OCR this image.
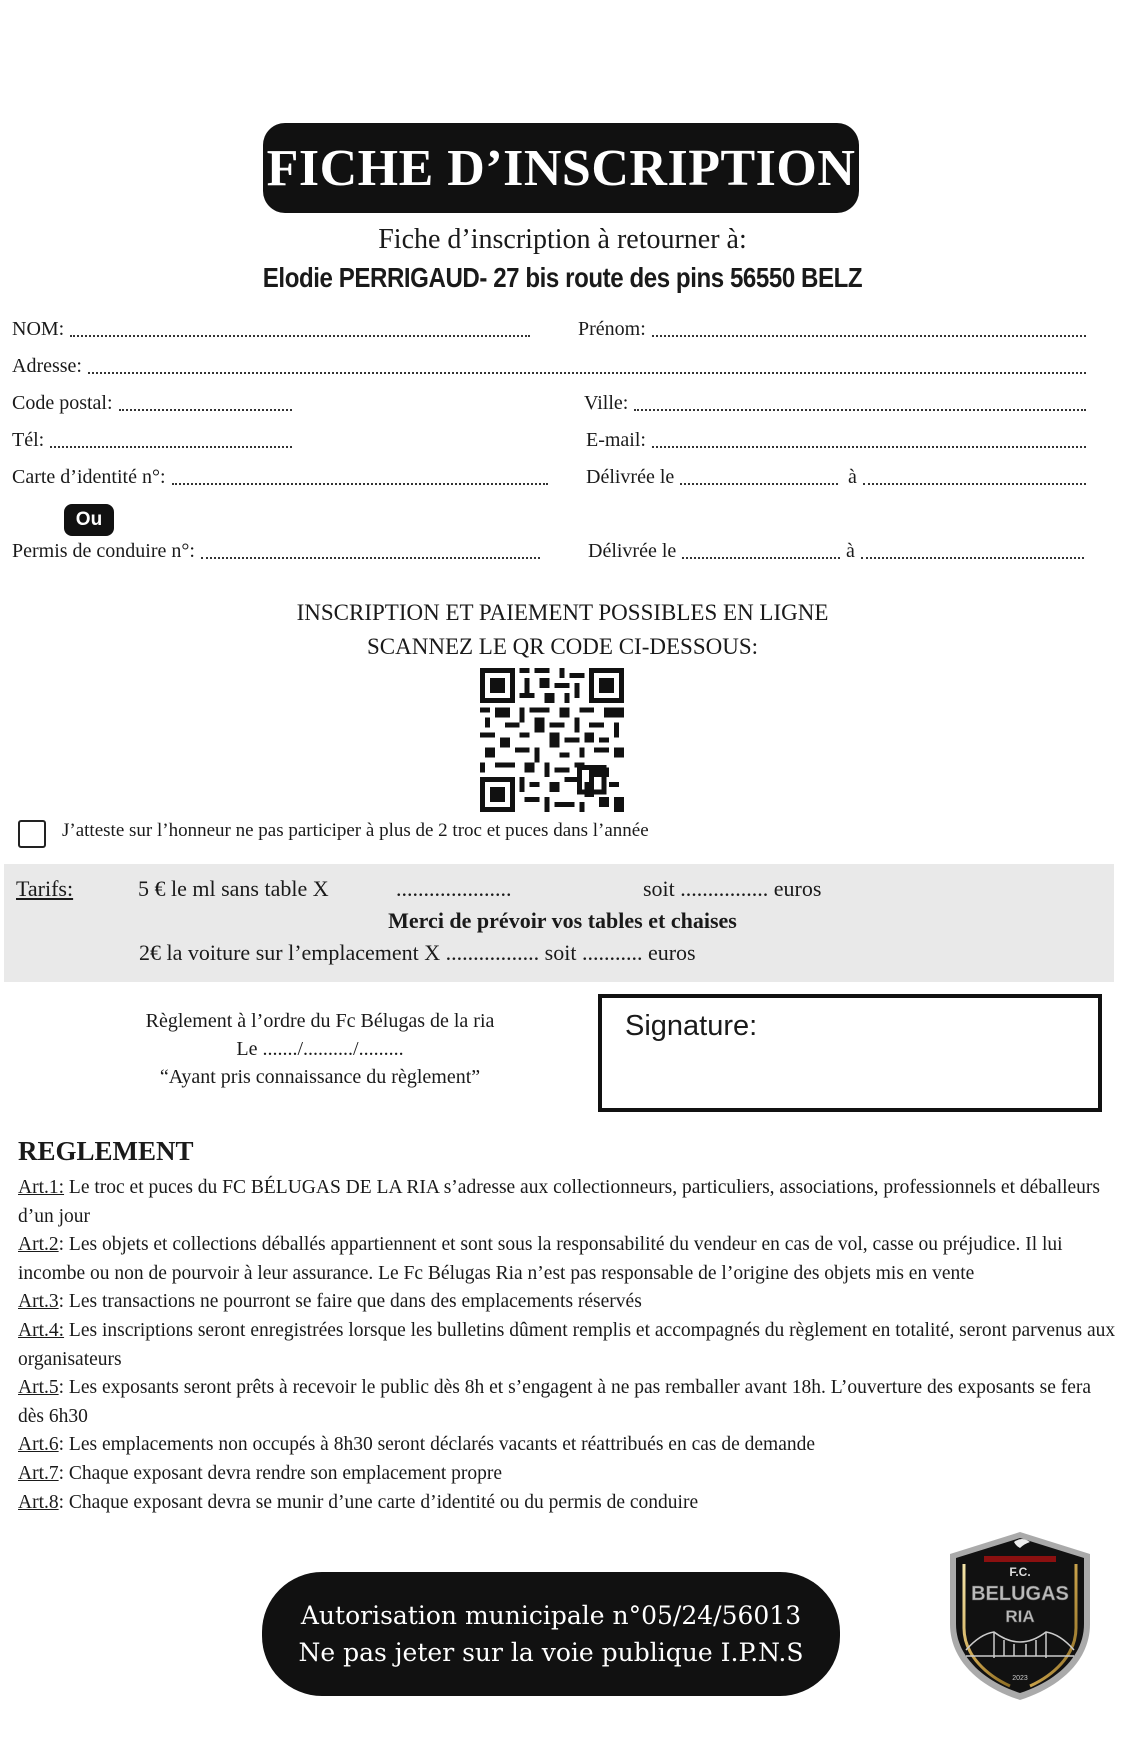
FICHE D’INSCRIPTION
Fiche d’inscription à retourner à:
Elodie PERRIGAUD- 27 bis route des pins 56550 BELZ
NOM:	Prénom:
Adresse:
Code postal:	Ville:
Tél:	E-mail:
Carte d’identité n°:	Délivrée le	à
Ou
Permis de conduire n°:	Délivrée le	à
INSCRIPTION ET PAIEMENT POSSIBLES EN LIGNE
SCANNEZ LE QR CODE CI-DESSOUS:
J’atteste sur l’honneur ne pas participer à plus de 2 troc et puces dans l’année
Tarifs:	5 € le ml sans table X	.....................	soit ................ euros
Merci de prévoir vos tables et chaises
2€ la voiture sur l’emplacement X ................. soit ........... euros
Règlement à l’ordre du Fc Bélugas de la ria
Le ......./........../.........
“Ayant pris connaissance du règlement”
Signature:
REGLEMENT

Art.1: Le troc et puces du FC BÉLUGAS DE LA RIA s’adresse aux collectionneurs, particuliers, associations, professionnels et déballeurs d’un jour

Art.2: Les objets et collections déballés appartiennent et sont sous la responsabilité du vendeur en cas de vol, casse ou préjudice. Il lui incombe ou non de pourvoir à leur assurance. Le Fc Bélugas Ria n’est pas responsable de l’origine des objets mis en vente

Art.3: Les transactions ne pourront se faire que dans des emplacements réservés

Art.4: Les inscriptions seront enregistrées lorsque les bulletins dûment remplis et accompagnés du règlement en totalité, seront parvenus aux organisateurs

Art.5: Les exposants seront prêts à recevoir le public dès 8h et s’engagent à ne pas remballer avant 18h. L’ouverture des exposants se fera dès 6h30

Art.6: Les emplacements non occupés à 8h30 seront déclarés vacants et réattribués en cas de demande

Art.7: Chaque exposant devra rendre son emplacement propre

Art.8: Chaque exposant devra se munir d’une carte d’identité ou du permis de conduire

Autorisation municipale n°05/24/56013
Ne pas jeter sur la voie publique I.P.N.S
F.C.
BELUGAS
RIA
2023
